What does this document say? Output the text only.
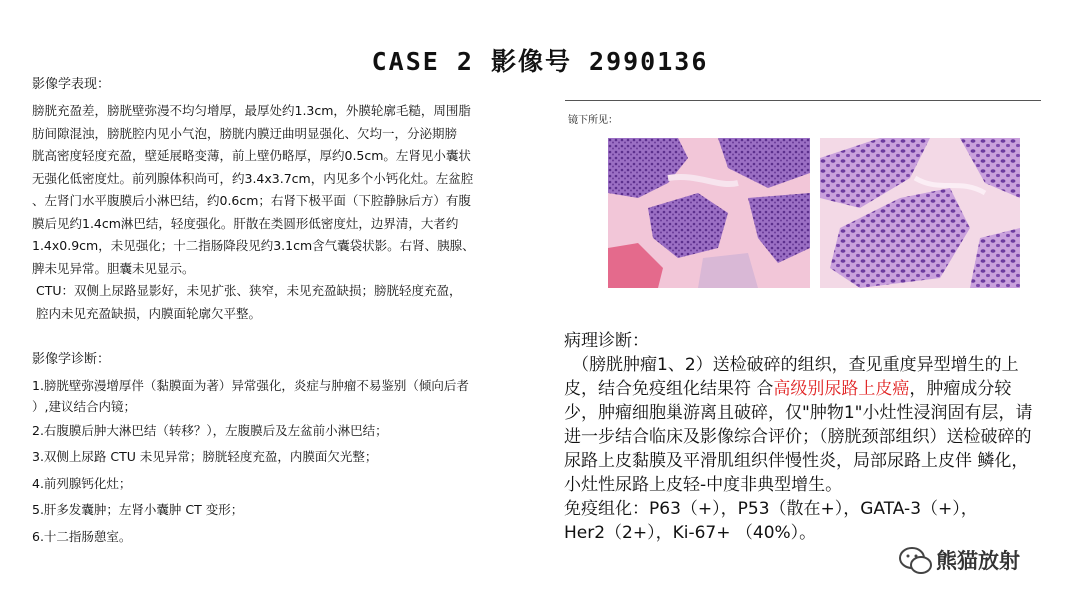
CASE 2 影像号 2990136

影像学表现：

膀胱充盈差，膀胱壁弥漫不均匀增厚，最厚处约1.3cm，外膜轮廓毛糙，周围脂

肪间隙混浊，膀胱腔内见小气泡，膀胱内膜迂曲明显强化、欠均一，分泌期膀

胱高密度轻度充盈，壁延展略变薄，前上壁仍略厚，厚约0.5cm。左肾见小囊状

无强化低密度灶。前列腺体积尚可，约3.4x3.7cm，内见多个小钙化灶。左盆腔

、左肾门水平腹膜后小淋巴结，约0.6cm；右肾下极平面（下腔静脉后方）有腹

膜后见约1.4cm淋巴结，轻度强化。肝散在类圆形低密度灶，边界清，大者约

1.4x0.9cm，未见强化；十二指肠降段见约3.1cm含气囊袋状影。右肾、胰腺、

脾未见异常。胆囊未见显示。

CTU：双侧上尿路显影好，未见扩张、狭窄，未见充盈缺损；膀胱轻度充盈，

腔内未见充盈缺损，内膜面轮廓欠平整。

影像学诊断：

1.膀胱壁弥漫增厚伴（黏膜面为著）异常强化，炎症与肿瘤不易鉴别（倾向后者
）,建议结合内镜；
2.右腹膜后肿大淋巴结（转移？），左腹膜后及左盆前小淋巴结；
3.双侧上尿路 CTU 未见异常；膀胱轻度充盈，内膜面欠光整；
4.前列腺钙化灶；
5.肝多发囊肿；左肾小囊肿 CT 变形；
6.十二指肠憩室。
镜下所见：

病理诊断：

（膀胱肿瘤1、2）送检破碎的组织，查见重度异型增生的上皮，结合免疫组化结果符 合高级别尿路上皮癌，肿瘤成分较少，肿瘤细胞巢游离且破碎，仅"肿物1"小灶性浸润固有层，请进一步结合临床及影像综合评价；（膀胱颈部组织）送检破碎的尿路上皮黏膜及平滑肌组织伴慢性炎，局部尿路上皮伴 鳞化，小灶性尿路上皮轻-中度非典型增生。

免疫组化：P63（+），P53（散在+），GATA-3（+），

Her2（2+），Ki-67+ （40%）。

熊猫放射
